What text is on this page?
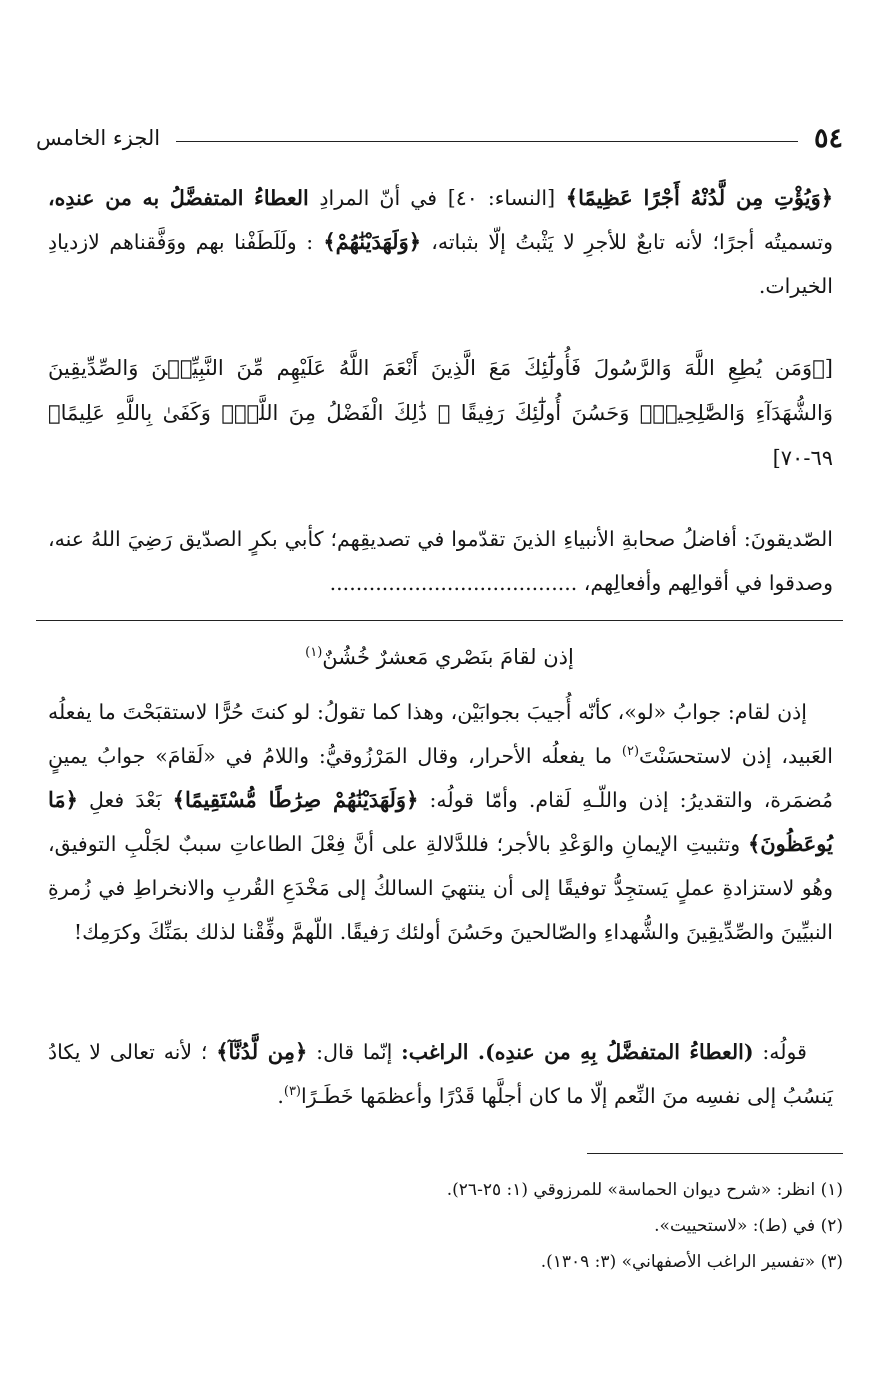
٥٤
الجزء الخامس

﴿وَيُؤْتِ مِن لَّدُنْهُ أَجْرًا عَظِيمًا﴾ [النساء: ٤٠] في أنّ المرادِ العطاءُ المتفضَّلُ به من عندِه، وتسميتُه أجرًا؛ لأنه تابعٌ للأجرِ لا يَثْبتُ إلّا بثباته، ﴿وَلَهَدَيْنَٰهُمْ﴾ : ولَلَطَفْنا بهم ووَفَّقناهم لازديادِ الخيرات.

[﴿وَمَن يُطِعِ اللَّهَ وَالرَّسُولَ فَأُولَٰٓئِكَ مَعَ الَّذِينَ أَنْعَمَ اللَّهُ عَلَيْهِم مِّنَ النَّبِيِّـۧنَ وَالصِّدِّيقِينَ وَالشُّهَدَآءِ وَالصَّٰلِحِينَۚ وَحَسُنَ أُولَٰٓئِكَ رَفِيقًا ۞ ذَٰلِكَ الْفَضْلُ مِنَ اللَّهِۚ وَكَفَىٰ بِاللَّهِ عَلِيمًا﴾ ٦٩-٧٠]

الصّديقونَ: أفاضلُ صحابةِ الأنبياءِ الذينَ تقدّموا في تصديقِهم؛ كأبي بكرٍ الصدّيق رَضِيَ اللهُ عنه، وصدقوا في أقوالِهم وأفعالِهم، ......................................

إذن لقامَ بنَصْري مَعشرٌ خُشُنٌ$^{(١)}$

إذن لقام: جوابُ «لو»، كأنّه أُجيبَ بجوابَيْن، وهذا كما تقولُ: لو كنتَ حُرًّا لاستقبَحْتَ ما يفعلُه العَبيد، إذن لاستحسَنْتَ$^{(٢)}$ ما يفعلُه الأحرار، وقال المَرْزُوقيُّ: واللامُ في «لَقامَ» جوابُ يمينٍ مُضمَرة، والتقديرُ: إذن واللّـهِ لَقام. وأمّا قولُه: ﴿وَلَهَدَيْنَٰهُمْ صِرَٰطًا مُّسْتَقِيمًا﴾ بَعْدَ فعلِ ﴿مَا يُوعَظُونَ﴾ وتثبيتِ الإيمانِ والوَعْدِ بالأجر؛ فللدَّلالةِ على أنَّ فِعْلَ الطاعاتِ سببٌ لجَلْبِ التوفيق، وهُو لاستزادةِ عملٍ يَستجِدُّ توفيقًا إلى أن ينتهيَ السالكُ إلى مَخْدَعِ القُربِ والانخراطِ في زُمرةِ النبيِّينَ والصِّدِّيقِينَ والشُّهداءِ والصّالحينَ وحَسُنَ أولئك رَفيقًا. اللّهمَّ وفِّقْنا لذلك بمَنِّكَ وكرَمِك!

قولُه: (العطاءُ المتفضَّلُ بِهِ من عندِه). الراغب: إنّما قال: ﴿مِن لَّدُنَّآ﴾ ؛ لأنه تعالى لا يكادُ يَنسُبُ إلى نفسِه منَ النِّعم إلّا ما كان أجلَّها قَدْرًا وأعظمَها خَطَـرًا$^{(٣)}$.

(١) انظر: «شرح ديوان الحماسة» للمرزوقي (١: ٢٥-٢٦).

(٢) في (ط): «لاستحييت».

(٣) «تفسير الراغب الأصفهاني» (٣: ١٣٠٩).
